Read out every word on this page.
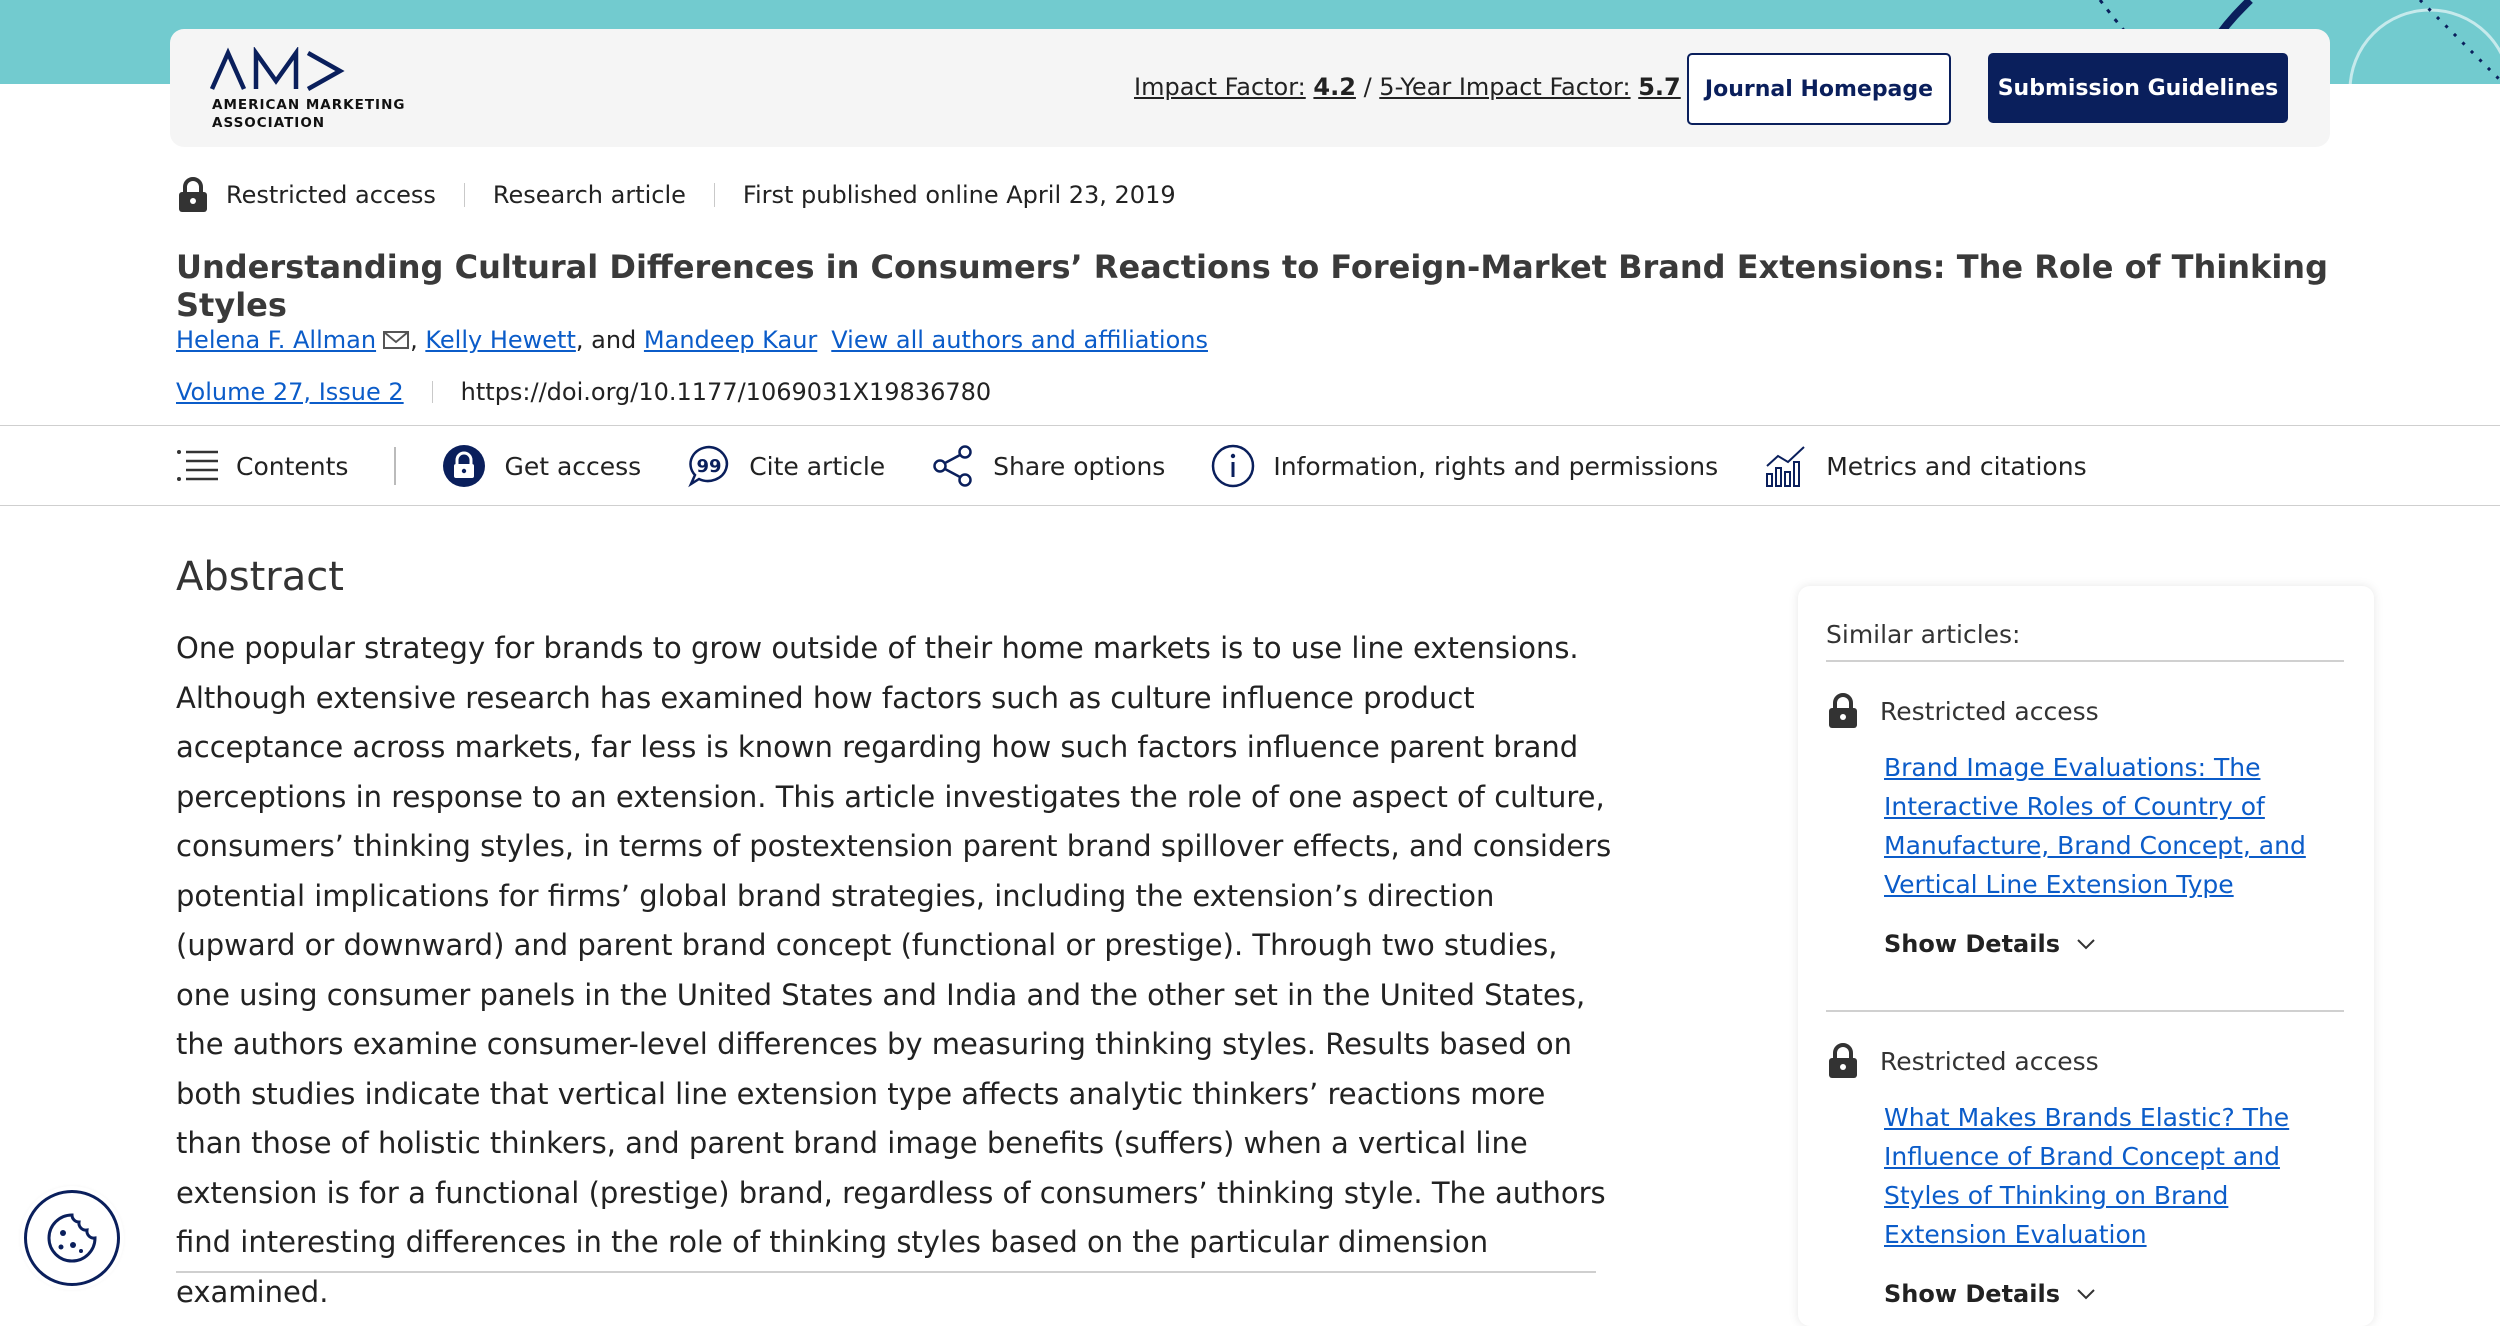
AMERICAN MARKETING
ASSOCIATION
Impact Factor: 4.2 / 5-Year Impact Factor: 5.7	Journal Homepage	Submission Guidelines
Restricted access Research article First published online April 23, 2019
Understanding Cultural Differences in Consumers’ Reactions to Foreign-Market Brand Extensions: The Role of Thinking Styles
Helena F. Allman ,
Kelly Hewett , and
Mandeep Kaur View all authors and affiliations
Volume 27, Issue 2 https://doi.org/10.1177/1069031X19836780
Contents	Get access	99 Cite article	Share options	Information, rights and permissions	Metrics and citations
Abstract

One popular strategy for brands to grow outside of their home markets is to use line extensions. Although extensive research has examined how factors such as culture influence product acceptance across markets, far less is known regarding how such factors influence parent brand perceptions in response to an extension. This article investigates the role of one aspect of culture, consumers’ thinking styles, in terms of postextension parent brand spillover effects, and considers potential implications for firms’ global brand strategies, including the extension’s direction (upward or downward) and parent brand concept (functional or prestige). Through two studies, one using consumer panels in the United States and India and the other set in the United States, the authors examine consumer-level differences by measuring thinking styles. Results based on both studies indicate that vertical line extension type affects analytic thinkers’ reactions more than those of holistic thinkers, and parent brand image benefits (suffers) when a vertical line extension is for a functional (prestige) brand, regardless of consumers’ thinking style. The authors find interesting differences in the role of thinking styles based on the particular dimension examined.

Similar articles:
Restricted access
Brand Image Evaluations: The Interactive Roles of Country of Manufacture, Brand Concept, and Vertical Line Extension Type
Show Details
Restricted access
What Makes Brands Elastic? The Influence of Brand Concept and Styles of Thinking on Brand Extension Evaluation
Show Details
